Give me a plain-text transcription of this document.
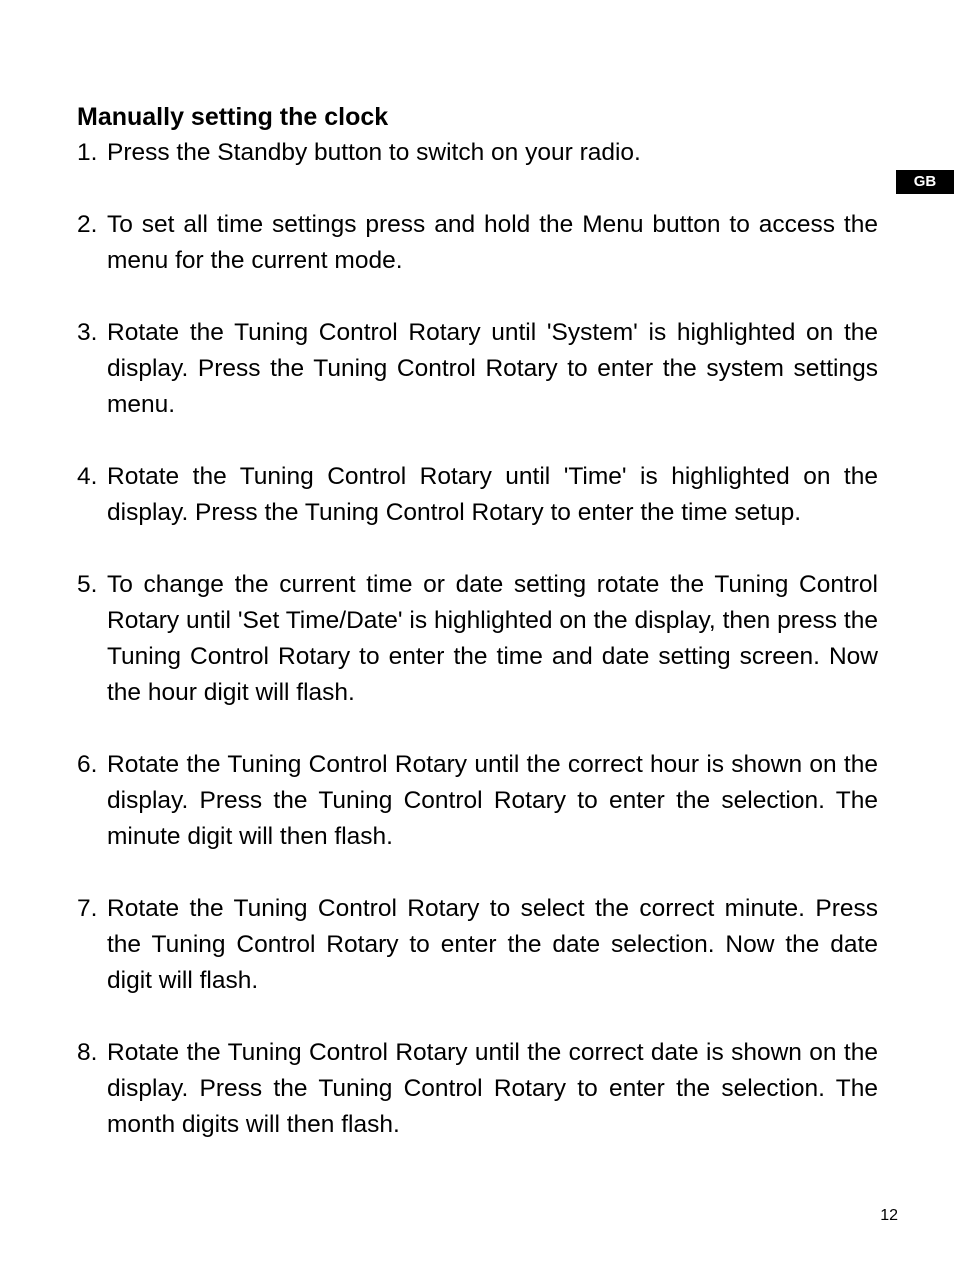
Manually setting the clock
GB
1. Press the Standby button to switch on your radio.
2. To set all time settings press and hold the Menu button to access the menu for the current mode.
3. Rotate the Tuning Control Rotary until 'System' is highlighted on the display. Press the Tuning Control Rotary to enter the system settings menu.
4. Rotate the Tuning Control Rotary until 'Time' is highlighted on the display. Press the Tuning Control Rotary to enter the time setup.
5. To change the current time or date setting rotate the Tuning Control Rotary until 'Set Time/Date' is highlighted on the display, then press the Tuning Control Rotary to enter the time and date setting screen. Now the hour digit will flash.
6. Rotate the Tuning Control Rotary until the correct hour is shown on the display. Press the Tuning Control Rotary to enter the selection. The minute digit will then flash.
7. Rotate the Tuning Control Rotary to select the correct minute. Press the Tuning Control Rotary to enter the date selection. Now the date digit will flash.
8. Rotate the Tuning Control Rotary until the correct date is shown on the display. Press the Tuning Control Rotary to enter the selection. The month digits will then flash.
12
